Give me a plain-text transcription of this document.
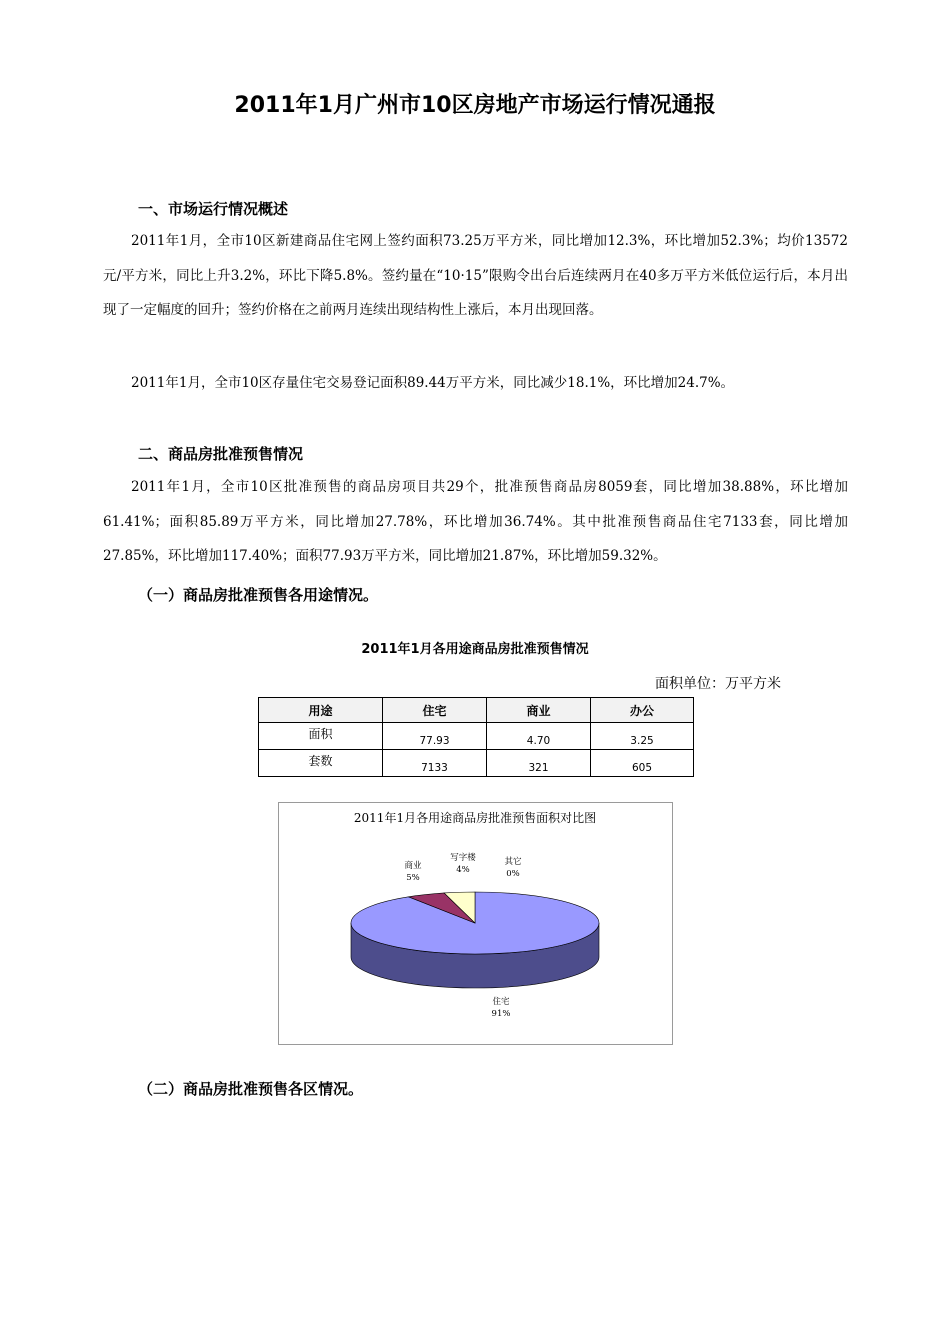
2011年1月广州市10区房地产市场运行情况通报
一、市场运行情况概述
2011年1月，全市10区新建商品住宅网上签约面积73.25万平方米，同比增加12.3%，环比增加52.3%；均价13572元/平方米，同比上升3.2%，环比下降5.8%。签约量在“10·15”限购令出台后连续两月在40多万平方米低位运行后，本月出现了一定幅度的回升；签约价格在之前两月连续出现结构性上涨后，本月出现回落。
2011年1月，全市10区存量住宅交易登记面积89.44万平方米，同比减少18.1%，环比增加24.7%。
二、商品房批准预售情况
2011年1月，全市10区批准预售的商品房项目共29个，批准预售商品房8059套，同比增加38.88%，环比增加61.41%；面积85.89万平方米，同比增加27.78%，环比增加36.74%。其中批准预售商品住宅7133套，同比增加27.85%，环比增加117.40%；面积77.93万平方米，同比增加21.87%，环比增加59.32%。
（一）商品房批准预售各用途情况。
2011年1月各用途商品房批准预售情况
面积单位：万平方米
用途	住宅	商业	办公
面积	77.93	4.70	3.25
套数	7133	321	605
2011年1月各用途商品房批准预售面积对比图
住宅
91%
商业
5%
写字楼
4%
其它
0%
（二）商品房批准预售各区情况。
